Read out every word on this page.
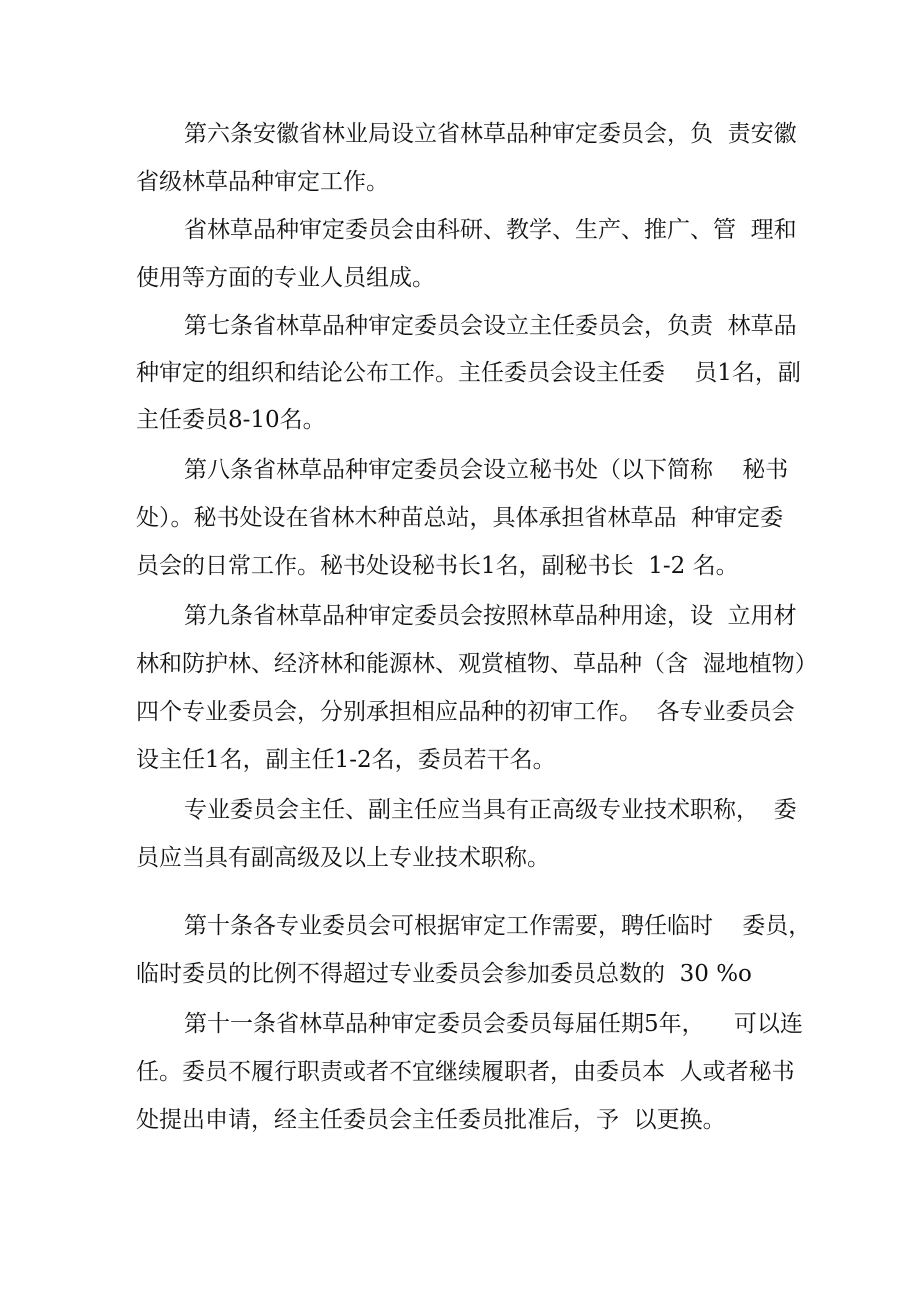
第六条安徽省林业局设立省林草品种审定委员会，负  责安徽

省级林草品种审定工作。

省林草品种审定委员会由科研、教学、生产、推广、管  理和

使用等方面的专业人员组成。

第七条省林草品种审定委员会设立主任委员会，负责  林草品

种审定的组织和结论公布工作。主任委员会设主任委    员1名，副

主任委员8-10名。

第八条省林草品种审定委员会设立秘书处（以下简称    秘书

处）。秘书处设在省林木种苗总站，具体承担省林草品  种审定委

员会的日常工作。秘书处设秘书长1名，副秘书长  1-2 名。

第九条省林草品种审定委员会按照林草品种用途，设  立用材

林和防护林、经济林和能源林、观赏植物、草品种（含  湿地植物）

四个专业委员会，分别承担相应品种的初审工作。  各专业委员会

设主任1名，副主任1-2名，委员若干名。

专业委员会主任、副主任应当具有正高级专业技术职称，  委

员应当具有副高级及以上专业技术职称。

第十条各专业委员会可根据审定工作需要，聘任临时    委员，

临时委员的比例不得超过专业委员会参加委员总数的  30 %o

第十一条省林草品种审定委员会委员每届任期5年，    可以连

任。委员不履行职责或者不宜继续履职者，由委员本  人或者秘书

处提出申请，经主任委员会主任委员批准后，予  以更换。
